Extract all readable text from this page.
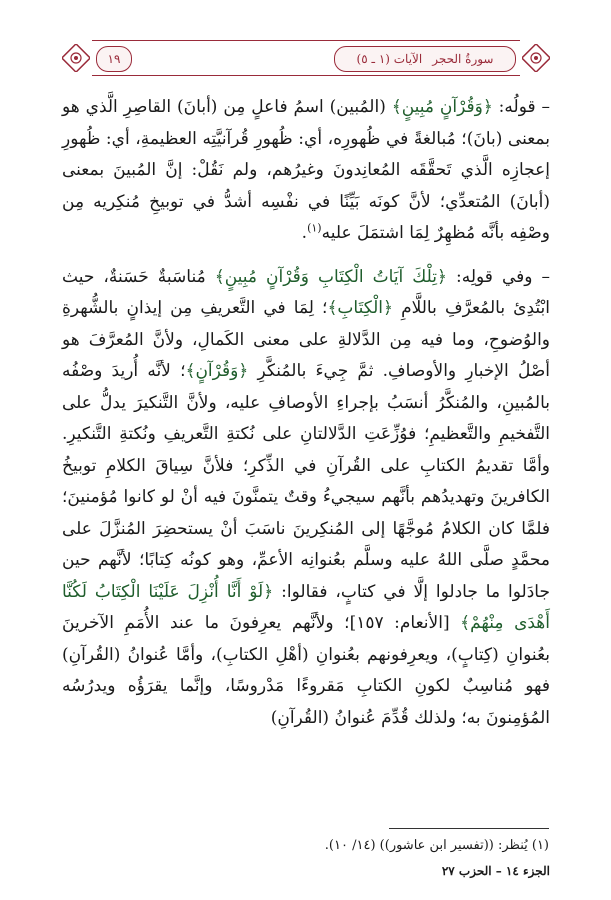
١٩	سورةُ الحجر
الآيات (١ ـ ٥)

– قولُه: ﴿وَقُرْآنٍ مُبِينٍ﴾ (المُبين) اسمُ فاعلٍ مِن (أبانَ) القاصِرِ الَّذي هو بمعنى (بانَ)؛ مُبالغةً في ظُهورِه، أي: ظُهورِ قُرآنيَّتِه العظيمةِ، أي: ظُهورِ إعجازِه الَّذي تَحقَّقَه المُعانِدونَ وغيرُهم، ولم نَقُلْ: إنَّ المُبينَ بمعنى (أبانَ) المُتعدِّي؛ لأنَّ كونَه بَيِّنًا في نفْسِه أشدُّ في توبيخِ مُنكِريه مِن وصْفِه بأنَّه مُظهِرٌ لِمَا اشتمَلَ عليه$^{(١)}$.

– وفي قولِه: ﴿تِلْكَ آيَاتُ الْكِتَابِ وَقُرْآنٍ مُبِينٍ﴾ مُناسَبةٌ حَسَنةٌ، حيث ابْتُدِئ بالمُعرَّفِ باللَّامِ ﴿الْكِتَابِ﴾؛ لِمَا في التَّعريفِ مِن إيذانٍ بالشُّهرةِ والوُضوحِ، وما فيه مِن الدَّلالةِ على معنى الكَمالِ، ولأنَّ المُعرَّفَ هو أصْلُ الإخبارِ والأوصافِ. ثمَّ جِيءَ بالمُنكَّرِ ﴿وَقُرْآنٍ﴾؛ لأنَّه أُريدَ وصْفُه بالمُبينِ، والمُنكَّرُ أنسَبُ بإجراءِ الأوصافِ عليه، ولأنَّ التَّنكيرَ يدلُّ على التَّفخيمِ والتَّعظيمِ؛ فوُزِّعَتِ الدَّلالتانِ على نُكتةِ التَّعريفِ ونُكتةِ التَّنكيرِ. وأمَّا تقديمُ الكتابِ على القُرآنِ في الذِّكرِ؛ فلأنَّ سِياقَ الكلامِ توبيخُ الكافرينَ وتهديدُهم بأنَّهم سيجيءُ وقتٌ يتمنَّونَ فيه أنْ لو كانوا مُؤمنينَ؛ فلمَّا كان الكلامُ مُوجَّهًا إلى المُنكِرينَ ناسَبَ أنْ يستحضِرَ المُنزَّلَ على محمَّدٍ صلَّى اللهُ عليه وسلَّم بعُنوانِه الأعمِّ، وهو كونُه كِتابًا؛ لأنَّهم حين جادَلوا ما جادلوا إلَّا في كتابٍ، فقالوا: ﴿لَوْ أَنَّا أُنْزِلَ عَلَيْنَا الْكِتَابُ لَكُنَّا أَهْدَى مِنْهُمْ﴾ [الأنعام: ١٥٧]؛ ولأنَّهم يعرِفونَ ما عند الأُمَمِ الآخرينَ بعُنوانِ (كِتابٍ)، ويعرِفونهم بعُنوانِ (أهْلِ الكتابِ)، وأمَّا عُنوانُ (القُرآنِ) فهو مُناسِبٌ لكونِ الكتابِ مَقروءًا مَدْروسًا، وإنَّما يقرَؤُه ويدرُسُه المُؤمِنونَ به؛ ولذلك قُدِّمَ عُنوانُ (القُرآنِ)

(١) يُنظر: ((تفسير ابن عاشور)) (١٤/ ١٠).
الجزء ١٤ – الحزب ٢٧
